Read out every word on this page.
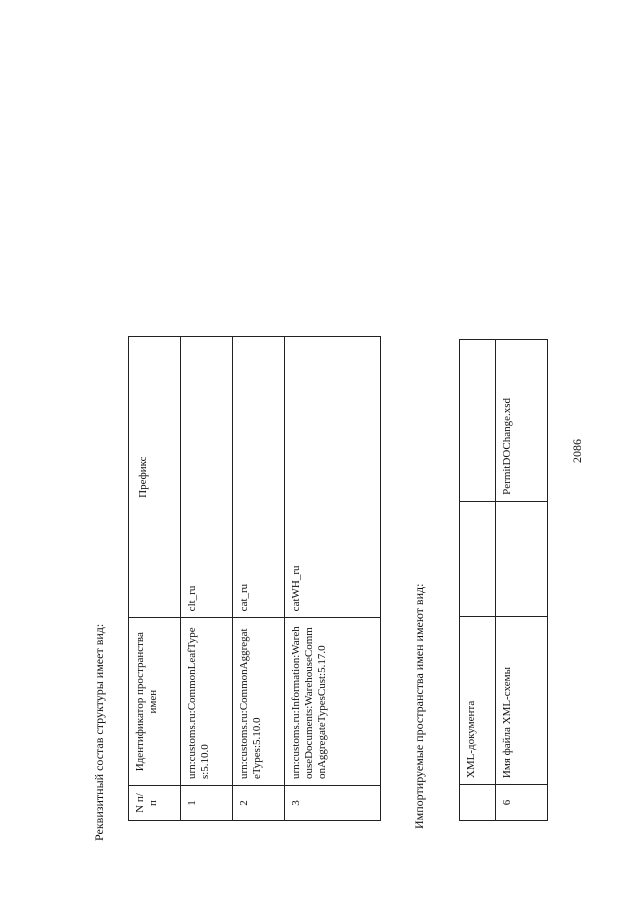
2086
	XML-документа		
6	Имя файла XML-схемы		PermitDOChange.xsd
Импортируемые пространства имен имеют вид:
N п/п	Идентификатор пространства имен	Префикс
1	urn:customs.ru:CommonLeafTypes:5.10.0	clt_ru
2	urn:customs.ru:CommonAggregateTypes:5.10.0	cat_ru
3	urn:customs.ru:Information:WarehouseDocuments:WarehouseCommonAggregateTypesCust:5.17.0	catWH_ru
Реквизитный состав структуры имеет вид:
